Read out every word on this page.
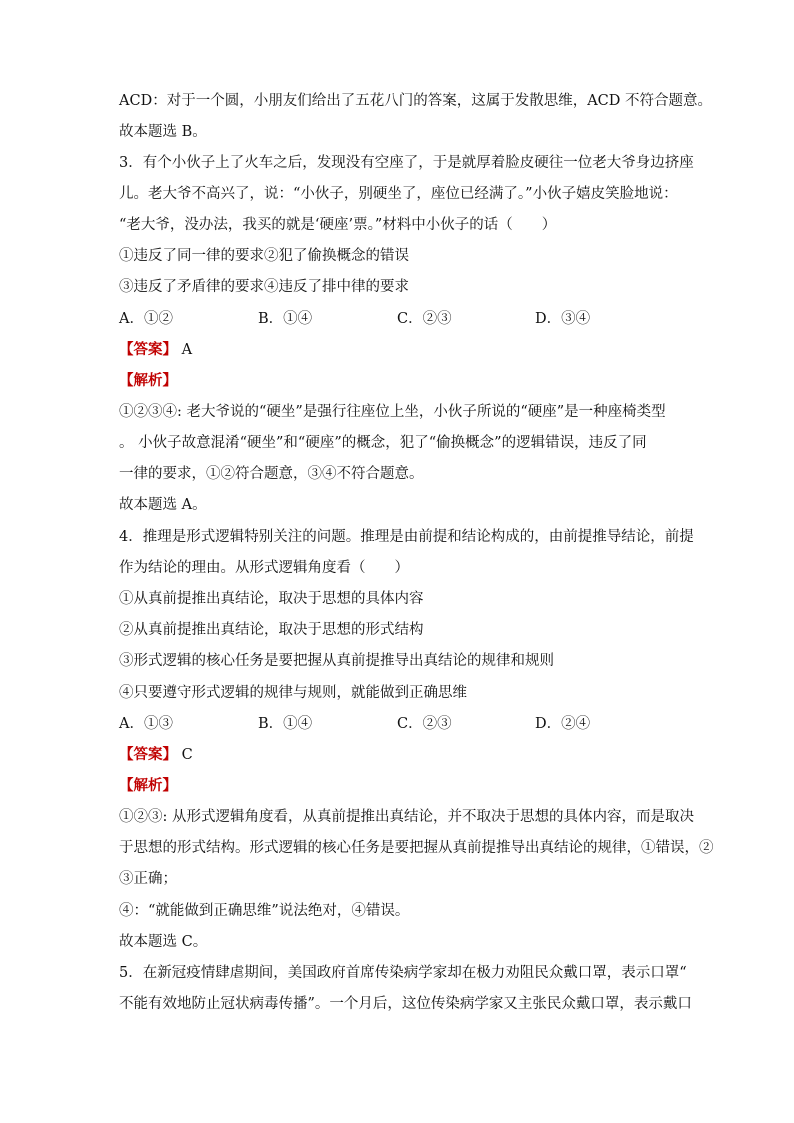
ACD：对于一个圆，小朋友们给出了五花八门的答案，这属于发散思维，ACD 不符合题意。
故本题选 B。
3．有个小伙子上了火车之后，发现没有空座了，于是就厚着脸皮硬往一位老大爷身边挤座
儿。老大爷不高兴了，说：“小伙子，别硬坐了，座位已经满了。”小伙子嬉皮笑脸地说：
“老大爷，没办法，我买的就是‘硬座’票。”材料中小伙子的话（　　）
①违反了同一律的要求②犯了偷换概念的错误
③违反了矛盾律的要求④违反了排中律的要求
A．①②	B．①④	C．②③	D．③④
【答案】 A
【解析】
①②③④: 老大爷说的“硬坐”是强行往座位上坐，小伙子所说的“硬座”是一种座椅类型
。 小伙子故意混淆“硬坐”和“硬座”的概念，犯了“偷换概念”的逻辑错误，违反了同
一律的要求，①②符合题意，③④不符合题意。
故本题选 A。
4．推理是形式逻辑特别关注的问题。推理是由前提和结论构成的，由前提推导结论，前提
作为结论的理由。从形式逻辑角度看（　　）
①从真前提推出真结论，取决于思想的具体内容
②从真前提推出真结论，取决于思想的形式结构
③形式逻辑的核心任务是要把握从真前提推导出真结论的规律和规则
④只要遵守形式逻辑的规律与规则，就能做到正确思维
A．①③	B．①④	C．②③	D．②④
【答案】 C
【解析】
①②③: 从形式逻辑角度看，从真前提推出真结论，并不取决于思想的具体内容，而是取决
于思想的形式结构。形式逻辑的核心任务是要把握从真前提推导出真结论的规律，①错误，②
③正确；
④：“就能做到正确思维”说法绝对，④错误。
故本题选 C。
5．在新冠疫情肆虐期间，美国政府首席传染病学家却在极力劝阻民众戴口罩，表示口罩“
不能有效地防止冠状病毒传播”。一个月后，这位传染病学家又主张民众戴口罩，表示戴口
